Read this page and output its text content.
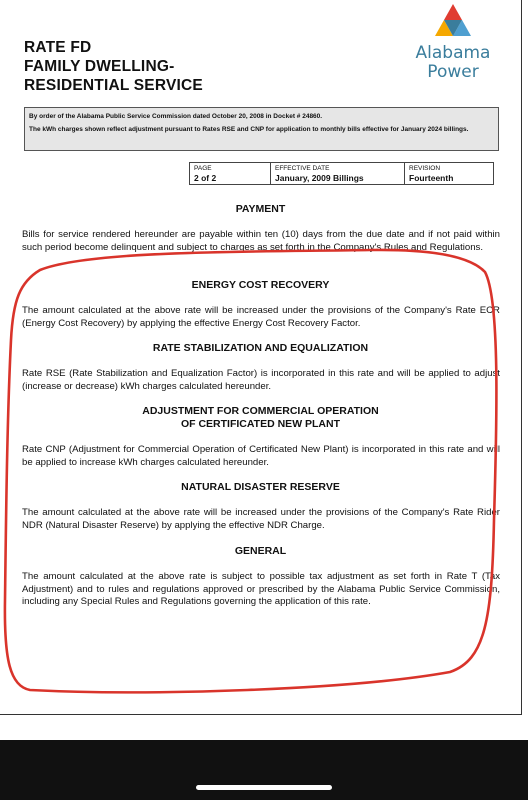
RATE FD
FAMILY DWELLING-
RESIDENTIAL SERVICE
Alabama
Power

By order of the Alabama Public Service Commission dated October 20, 2008 in Docket # 24860.

The kWh charges shown reflect adjustment pursuant to Rates RSE and CNP for application to monthly bills effective for January 2024 billings.

PAGE
2 of 2

EFFECTIVE DATE
January, 2009 Billings

REVISION
Fourteenth
PAYMENT
Bills for service rendered hereunder are payable within ten (10) days from the due date and if not paid within such period become delinquent and subject to charges as set forth in the Company's Rules and Regulations.
ENERGY COST RECOVERY
The amount calculated at the above rate will be increased under the provisions of the Company's Rate ECR (Energy Cost Recovery) by applying the effective Energy Cost Recovery Factor.
RATE STABILIZATION AND EQUALIZATION
Rate RSE (Rate Stabilization and Equalization Factor) is incorporated in this rate and will be applied to adjust (increase or decrease) kWh charges calculated hereunder.
ADJUSTMENT FOR COMMERCIAL OPERATION
OF CERTIFICATED NEW PLANT
Rate CNP (Adjustment for Commercial Operation of Certificated New Plant) is incorporated in this rate and will be applied to increase kWh charges calculated hereunder.
NATURAL DISASTER RESERVE
The amount calculated at the above rate will be increased under the provisions of the Company's Rate Rider NDR (Natural Disaster Reserve) by applying the effective NDR Charge.
GENERAL
The amount calculated at the above rate is subject to possible tax adjustment as set forth in Rate T (Tax Adjustment) and to rules and regulations approved or prescribed by the Alabama Public Service Commission, including any Special Rules and Regulations governing the application of this rate.
